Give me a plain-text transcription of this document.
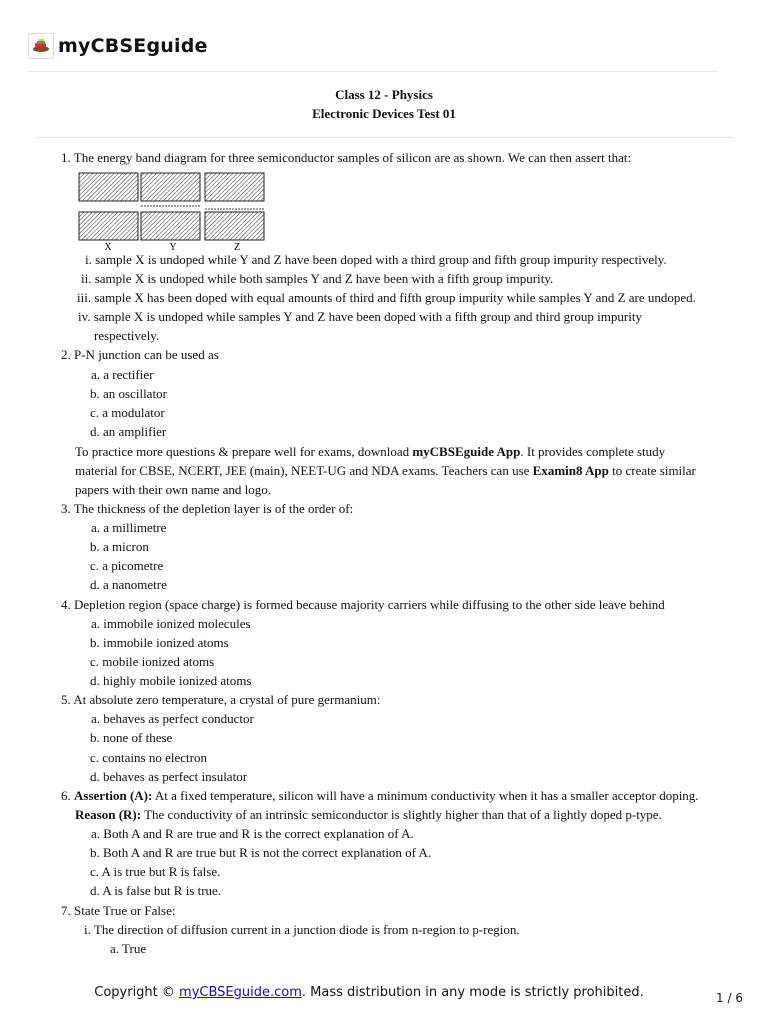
myCBSEguide
Class 12 - Physics
Electronic Devices Test 01
X	Y	Z
1. The energy band diagram for three semiconductor samples of silicon are as shown. We can then assert that:
i. sample X is undoped while Y and Z have been doped with a third group and fifth group impurity respectively.
ii. sample X is undoped while both samples Y and Z have been with a fifth group impurity.
iii. sample X has been doped with equal amounts of third and fifth group impurity while samples Y and Z are undoped.
iv. sample X is undoped while samples Y and Z have been doped with a fifth group and third group impurity
respectively.
2. P-N junction can be used as
a. a rectifier
b. an oscillator
c. a modulator
d. an amplifier
To practice more questions & prepare well for exams, download myCBSEguide App. It provides complete study
material for CBSE, NCERT, JEE (main), NEET-UG and NDA exams. Teachers can use Examin8 App to create similar
papers with their own name and logo.
3. The thickness of the depletion layer is of the order of:
a. a millimetre
b. a micron
c. a picometre
d. a nanometre
4. Depletion region (space charge) is formed because majority carriers while diffusing to the other side leave behind
a. immobile ionized molecules
b. immobile ionized atoms
c. mobile ionized atoms
d. highly mobile ionized atoms
5. At absolute zero temperature, a crystal of pure germanium:
a. behaves as perfect conductor
b. none of these
c. contains no electron
d. behaves as perfect insulator
6. Assertion (A): At a fixed temperature, silicon will have a minimum conductivity when it has a smaller acceptor doping.
Reason (R): The conductivity of an intrinsic semiconductor is slightly higher than that of a lightly doped p-type.
a. Both A and R are true and R is the correct explanation of A.
b. Both A and R are true but R is not the correct explanation of A.
c. A is true but R is false.
d. A is false but R is true.
7. State True or False:
i. The direction of diffusion current in a junction diode is from n-region to p-region.
a. True
Copyright © myCBSEguide.com. Mass distribution in any mode is strictly prohibited.	1 / 6
